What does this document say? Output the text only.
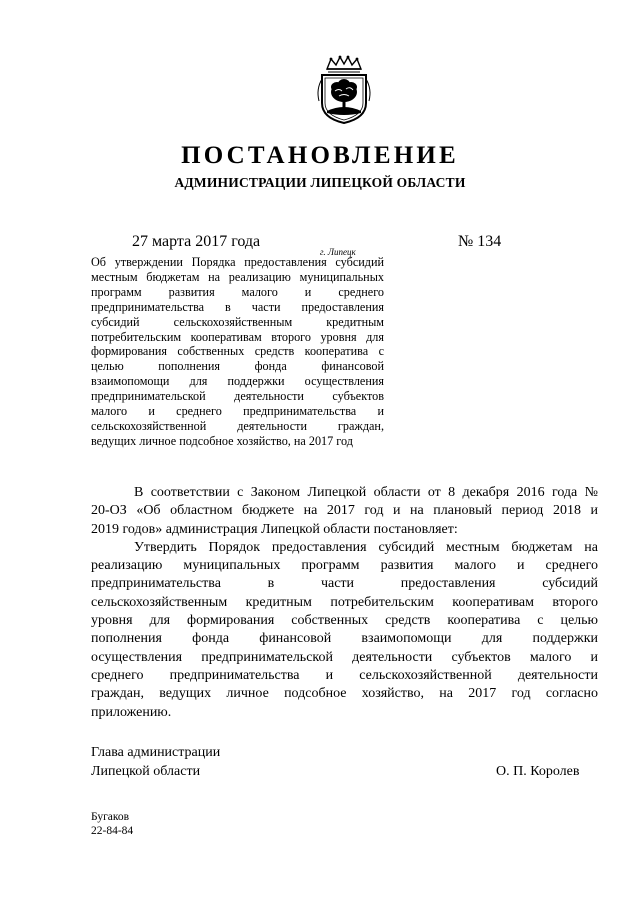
ПОСТАНОВЛЕНИЕ
АДМИНИСТРАЦИИ ЛИПЕЦКОЙ ОБЛАСТИ
27 марта 2017 года
г. Липецк
№ 134
Об утверждении Порядка предоставления субсидий
местным бюджетам на реализацию муниципальных
программ развития малого и среднего
предпринимательства в части предоставления
субсидий сельскохозяйственным кредитным
потребительским кооперативам второго уровня для
формирования собственных средств кооператива с
целью пополнения фонда финансовой
взаимопомощи для поддержки осуществления
предпринимательской деятельности субъектов
малого и среднего предпринимательства и
сельскохозяйственной деятельности граждан,
ведущих личное подсобное хозяйство, на 2017 год
В соответствии с Законом Липецкой области от 8 декабря 2016 года №
20-ОЗ «Об областном бюджете на 2017 год и на плановый период 2018 и
2019 годов» администрация Липецкой области постановляет:
Утвердить Порядок предоставления субсидий местным бюджетам на
реализацию муниципальных программ развития малого и среднего
предпринимательства в части предоставления субсидий
сельскохозяйственным кредитным потребительским кооперативам второго
уровня для формирования собственных средств кооператива с целью
пополнения фонда финансовой взаимопомощи для поддержки
осуществления предпринимательской деятельности субъектов малого и
среднего предпринимательства и сельскохозяйственной деятельности
граждан, ведущих личное подсобное хозяйство, на 2017 год согласно
приложению.
Глава администрации
Липецкой области	О. П. Королев
Бугаков
22-84-84
